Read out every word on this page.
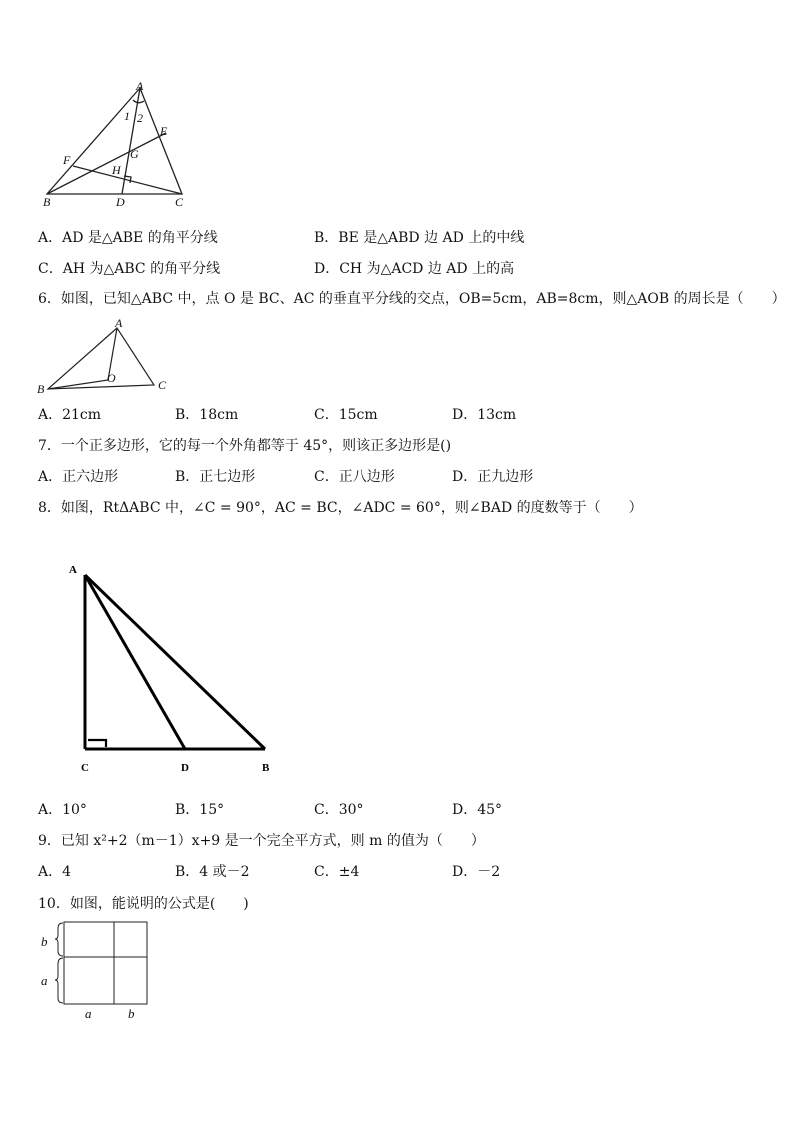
A
1 2
E
F	G
H
B	D	C
A．AD 是△ABE 的角平分线	B．BE 是△ABD 边 AD 上的中线
C．AH 为△ABC 的角平分线	D．CH 为△ACD 边 AD 上的高
6．如图，已知△ABC 中，点 O 是 BC、AC 的垂直平分线的交点，OB=5cm，AB=8cm，则△AOB 的周长是（　　）
A
B
O	C
A．21cm	B．18cm	C．15cm	D．13cm
7．一个正多边形，它的每一个外角都等于 45°，则该正多边形是()
A．正六边形	B．正七边形	C．正八边形	D．正九边形
8．如图，RtΔABC 中，∠C = 90°，AC = BC，∠ADC = 60°，则∠BAD 的度数等于（　　）
A
C	D	B
A．10°	B．15°	C．30°	D．45°
9．已知 x²+2（m－1）x+9 是一个完全平方式，则 m 的值为（　　）
A．4	B．4 或－2	C．±4	D．－2
10．如图，能说明的公式是(　　)
b
a
a	b
